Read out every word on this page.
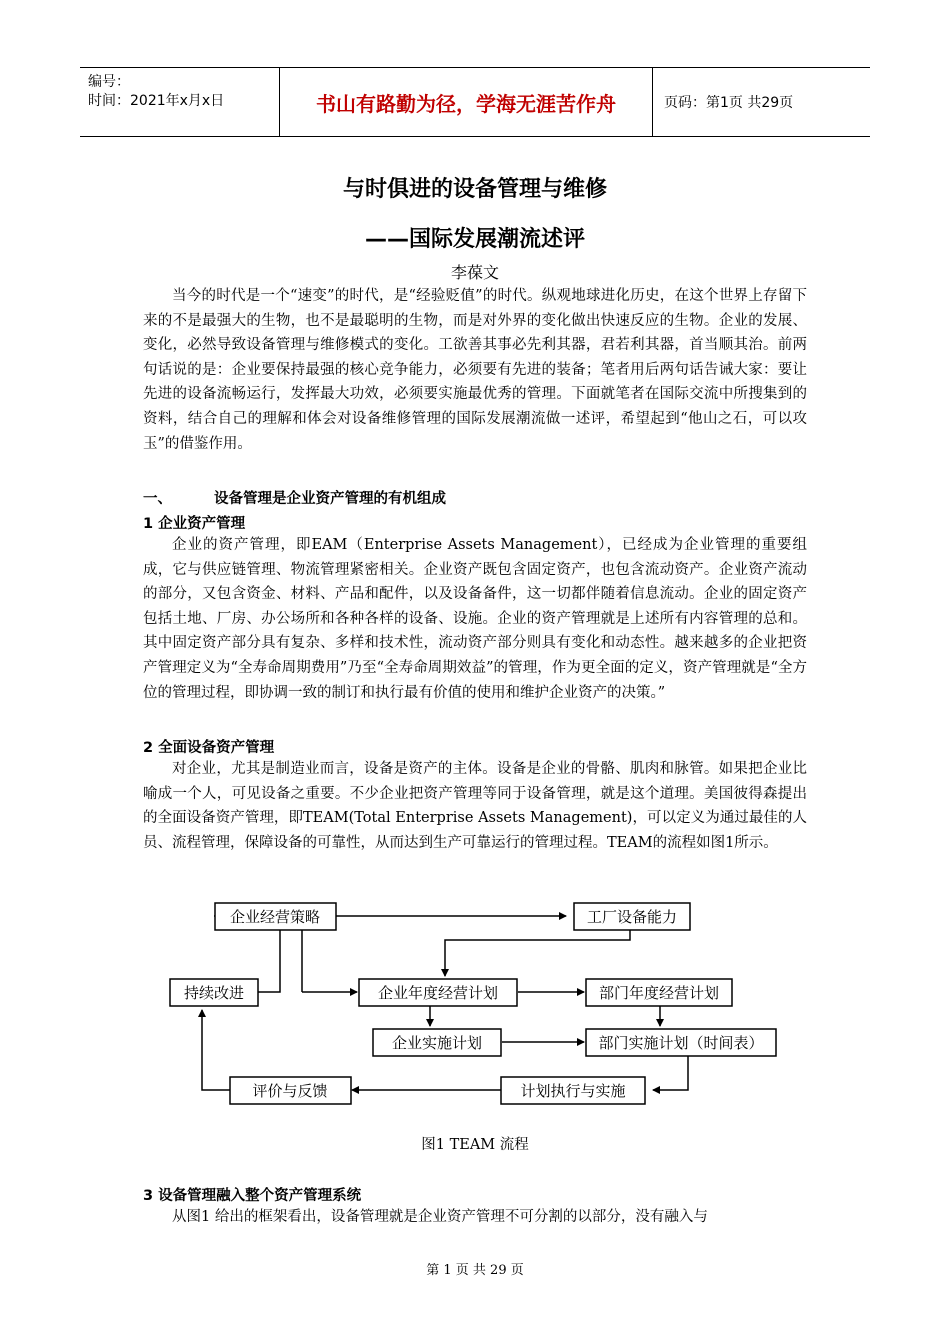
编号：
时间：2021年x月x日	书山有路勤为径，学海无涯苦作舟	页码：第1页 共29页
与时俱进的设备管理与维修
——国际发展潮流述评
李葆文

当今的时代是一个“速变”的时代，是“经验贬值”的时代。纵观地球进化历史，在这个世界上存留下来的不是最强大的生物，也不是最聪明的生物，而是对外界的变化做出快速反应的生物。企业的发展、变化，必然导致设备管理与维修模式的变化。工欲善其事必先利其器，君若利其器，首当顺其治。前两句话说的是：企业要保持最强的核心竞争能力，必须要有先进的装备；笔者用后两句话告诫大家：要让先进的设备流畅运行，发挥最大功效，必须要实施最优秀的管理。下面就笔者在国际交流中所搜集到的资料，结合自己的理解和体会对设备维修管理的国际发展潮流做一述评，希望起到“他山之石，可以攻玉”的借鉴作用。

一、	设备管理是企业资产管理的有机组成
1 企业资产管理

企业的资产管理，即EAM（Enterprise Assets Management），已经成为企业管理的重要组成，它与供应链管理、物流管理紧密相关。企业资产既包含固定资产，也包含流动资产。企业资产流动的部分，又包含资金、材料、产品和配件，以及设备备件，这一切都伴随着信息流动。企业的固定资产包括土地、厂房、办公场所和各种各样的设备、设施。企业的资产管理就是上述所有内容管理的总和。其中固定资产部分具有复杂、多样和技术性，流动资产部分则具有变化和动态性。越来越多的企业把资产管理定义为“全寿命周期费用”乃至“全寿命周期效益”的管理，作为更全面的定义，资产管理就是“全方位的管理过程，即协调一致的制订和执行最有价值的使用和维护企业资产的决策。”

2 全面设备资产管理

对企业，尤其是制造业而言，设备是资产的主体。设备是企业的骨骼、肌肉和脉管。如果把企业比喻成一个人，可见设备之重要。不少企业把资产管理等同于设备管理，就是这个道理。美国彼得森提出的全面设备资产管理，即TEAM(Total Enterprise Assets Management)，可以定义为通过最佳的人员、流程管理，保障设备的可靠性，从而达到生产可靠运行的管理过程。TEAM的流程如图1所示。

企业经营策略	工厂设备能力
持续改进	企业年度经营计划	部门年度经营计划
企业实施计划	部门实施计划（时间表）
评价与反馈	计划执行与实施
图1 TEAM 流程
3 设备管理融入整个资产管理系统

从图1 给出的框架看出，设备管理就是企业资产管理不可分割的以部分，没有融入与

第 1 页 共 29 页
